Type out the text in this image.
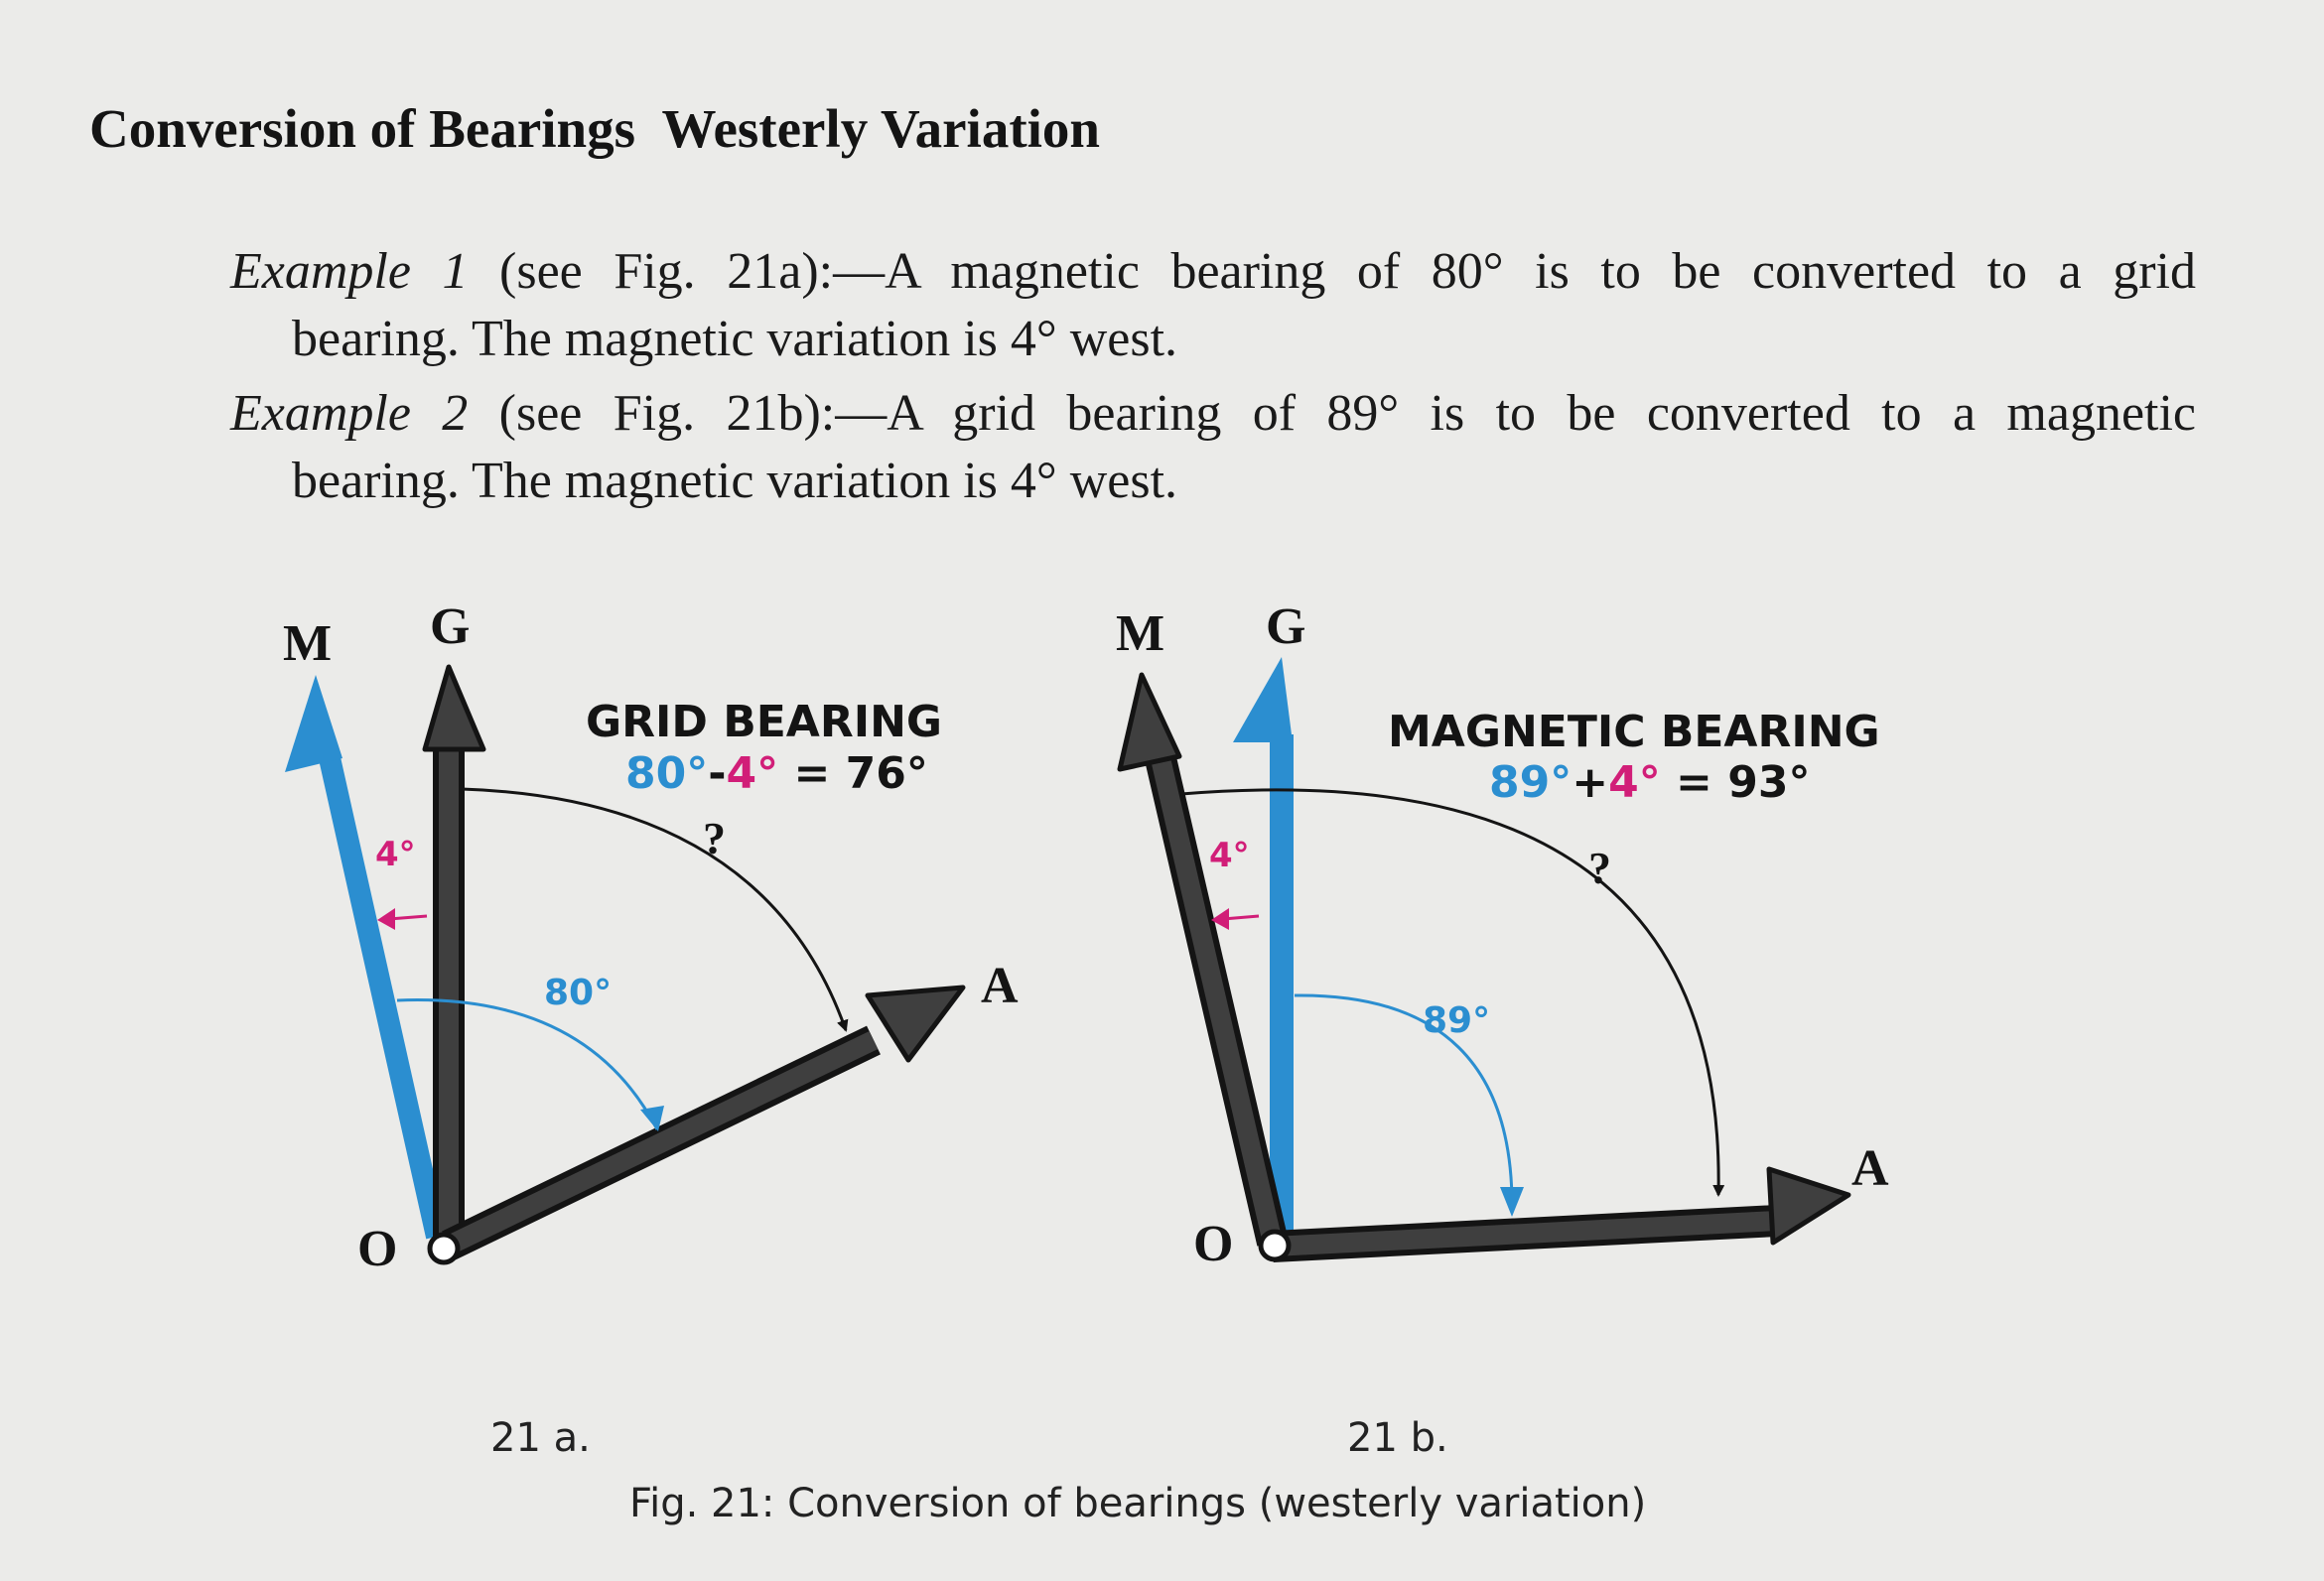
Conversion of Bearings  Westerly Variation
Example 1 (see Fig. 21a):—A magnetic bearing of 80° is to be converted to a grid
bearing. The magnetic variation is 4° west.
Example 2 (see Fig. 21b):—A grid bearing of 89° is to be converted to a magnetic
bearing. The magnetic variation is 4° west.
M G
O
A
GRID BEARING
80°-4° = 76°
?
4°
80°
M G
O
A
MAGNETIC BEARING
89°+4° = 93°
?
4°
89°
21 a.	21 b.
Fig. 21: Conversion of bearings (westerly variation)
